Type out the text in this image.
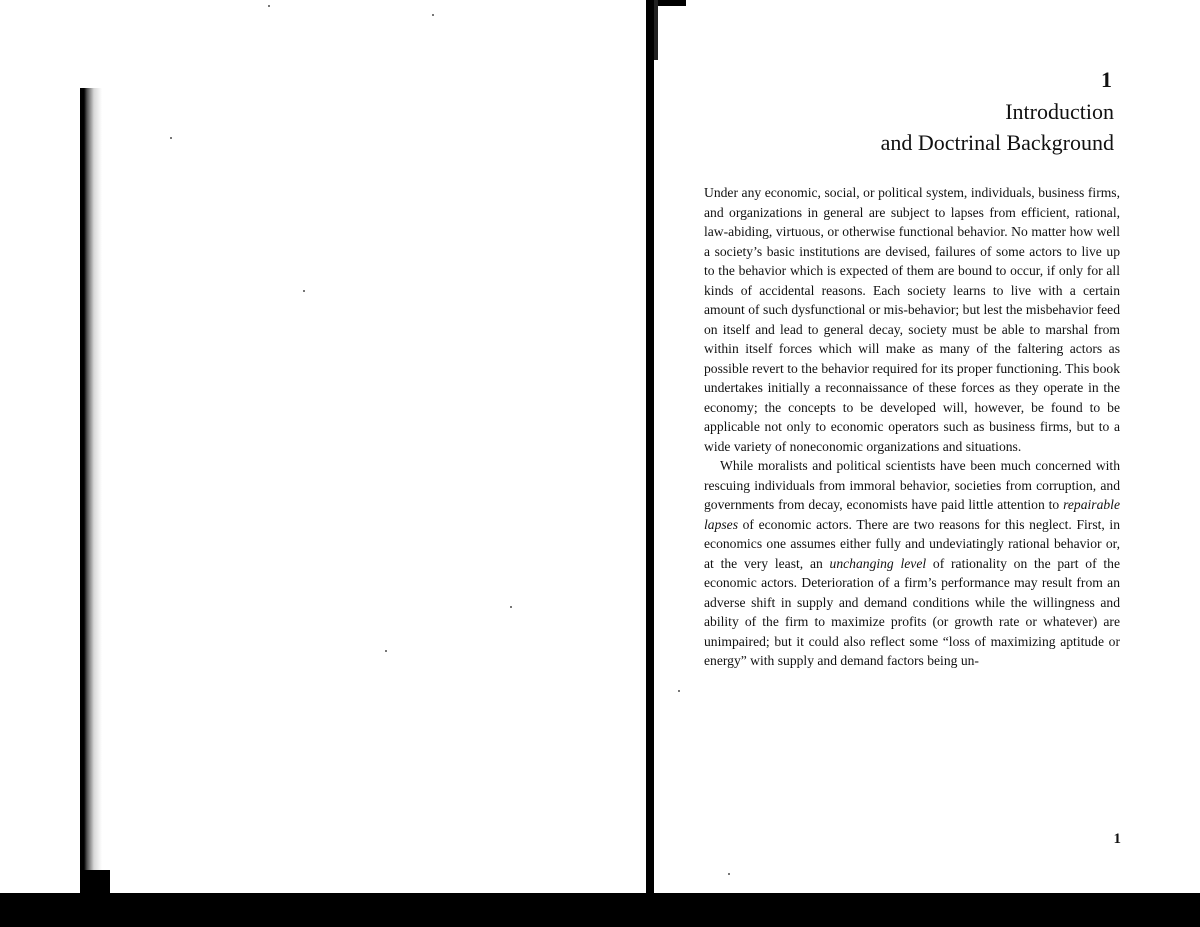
1
Introduction
and Doctrinal Background

Under any economic, social, or political system, individuals, business firms, and organizations in general are subject to lapses from efficient, rational, law-abiding, virtuous, or otherwise functional behavior. No matter how well a society’s basic institutions are devised, failures of some actors to live up to the behavior which is expected of them are bound to occur, if only for all kinds of accidental reasons. Each society learns to live with a certain amount of such dysfunctional or mis-behavior; but lest the misbehavior feed on itself and lead to general decay, society must be able to marshal from within itself forces which will make as many of the faltering actors as possible revert to the behavior required for its proper functioning. This book undertakes initially a reconnaissance of these forces as they operate in the economy; the concepts to be developed will, however, be found to be applicable not only to economic operators such as business firms, but to a wide variety of noneconomic organizations and situations.

While moralists and political scientists have been much concerned with rescuing individuals from immoral behavior, societies from corruption, and governments from decay, economists have paid little attention to repairable lapses of economic actors. There are two reasons for this neglect. First, in economics one assumes either fully and undeviatingly rational behavior or, at the very least, an unchanging level of rationality on the part of the economic actors. Deterioration of a firm’s performance may result from an adverse shift in supply and demand conditions while the willingness and ability of the firm to maximize profits (or growth rate or whatever) are unimpaired; but it could also reflect some “loss of maximizing aptitude or energy” with supply and demand factors being un-

1
